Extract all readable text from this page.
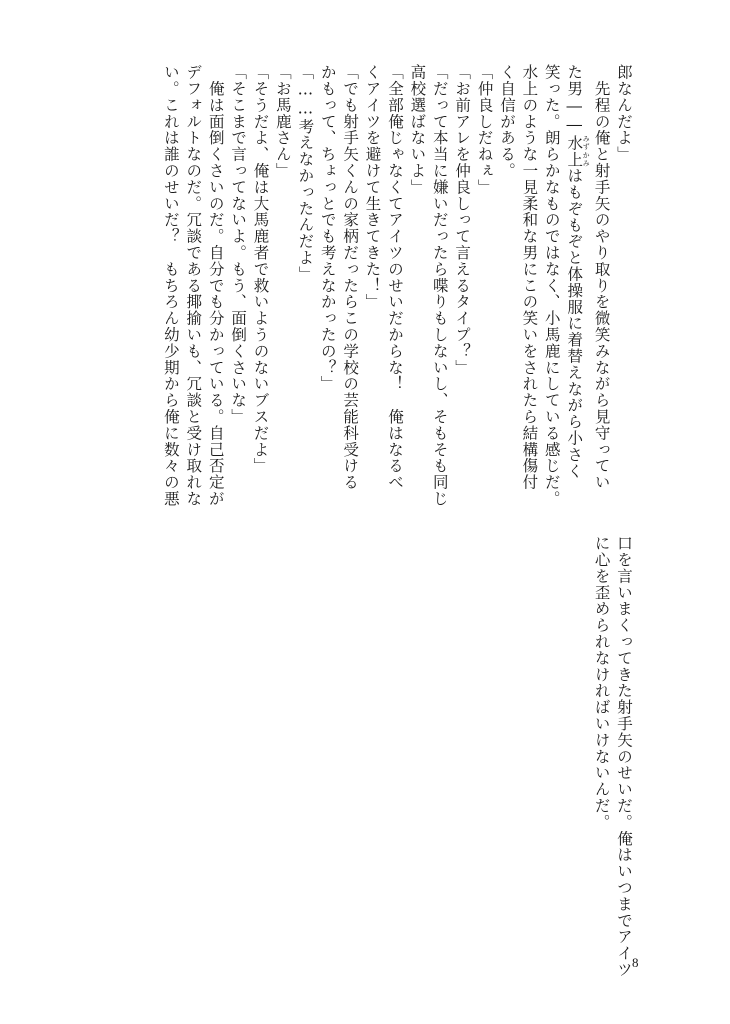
郎なんだよ」
　先程の俺と射手矢のやり取りを微笑みながら見守ってい
た男――水上 みずかみはもぞもぞと体操服に着替えながら小さく
笑った。朗らかなものではなく、小馬鹿にしている感じだ。
水上のような一見柔和な男にこの笑いをされたら結構傷付
く自信がある。
「仲良しだねぇ」
「お前アレを仲良しって言えるタイプ？」
「だって本当に嫌いだったら喋りもしないし、そもそも同じ
高校選ばないよ」
「全部俺じゃなくてアイツのせいだからな！　俺はなるべ
くアイツを避けて生きてきた！」
「でも射手矢くんの家柄だったらこの学校の芸能科受ける
かもって、ちょっとでも考えなかったの？」
「……考えなかったんだよ」
「お馬鹿さん」
「そうだよ、俺は大馬鹿者で救いようのないブスだよ」
「そこまで言ってないよ。もう、面倒くさいな」
　俺は面倒くさいのだ。自分でも分かっている。自己否定が
デフォルトなのだ。冗談である揶揄いも、冗談と受け取れな
い。これは誰のせいだ？　もちろん幼少期から俺に数々の悪
口を言いまくってきた射手矢のせいだ。俺はいつまでアイツ
に心を歪められなければいけないんだ。
8
